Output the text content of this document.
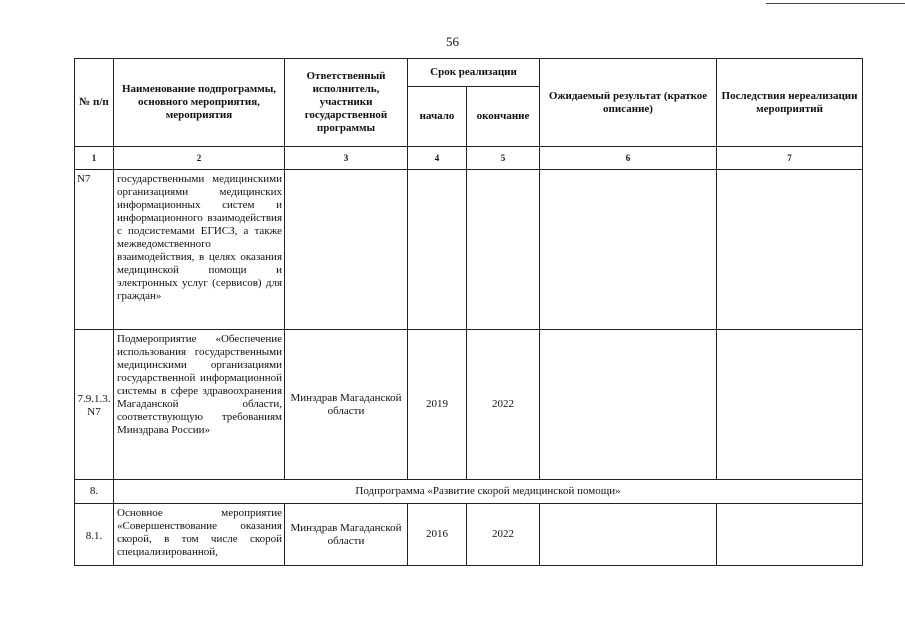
56
№ п/п	Наименование подпрограммы, основного мероприятия, мероприятия	Ответственный исполнитель, участники государственной программы	Срок реализации		Ожидаемый результат (краткое описание)	Последствия нереализации мероприятий
			начало	окончание		
1	2	3	4	5	6	7
N7	государственными медицинскими организациями медицинских информационных систем и информационного взаимодействия с подсистемами ЕГИСЗ, а также межведомственного взаимодействия, в целях оказания медицинской помощи и электронных услуг (сервисов) для граждан»					
7.9.1.3. N7	Подмероприятие «Обеспечение использования государственными медицинскими организациями государственной информационной системы в сфере здравоохранения Магаданской области, соответствующую требованиям Минздрава России»	Минздрав Магаданской области	2019	2022		
8.	Подпрограмма «Развитие скорой медицинской помощи»					
8.1.	Основное мероприятие «Совершенствование оказания скорой, в том числе скорой специализированной,	Минздрав Магаданской области	2016	2022		
